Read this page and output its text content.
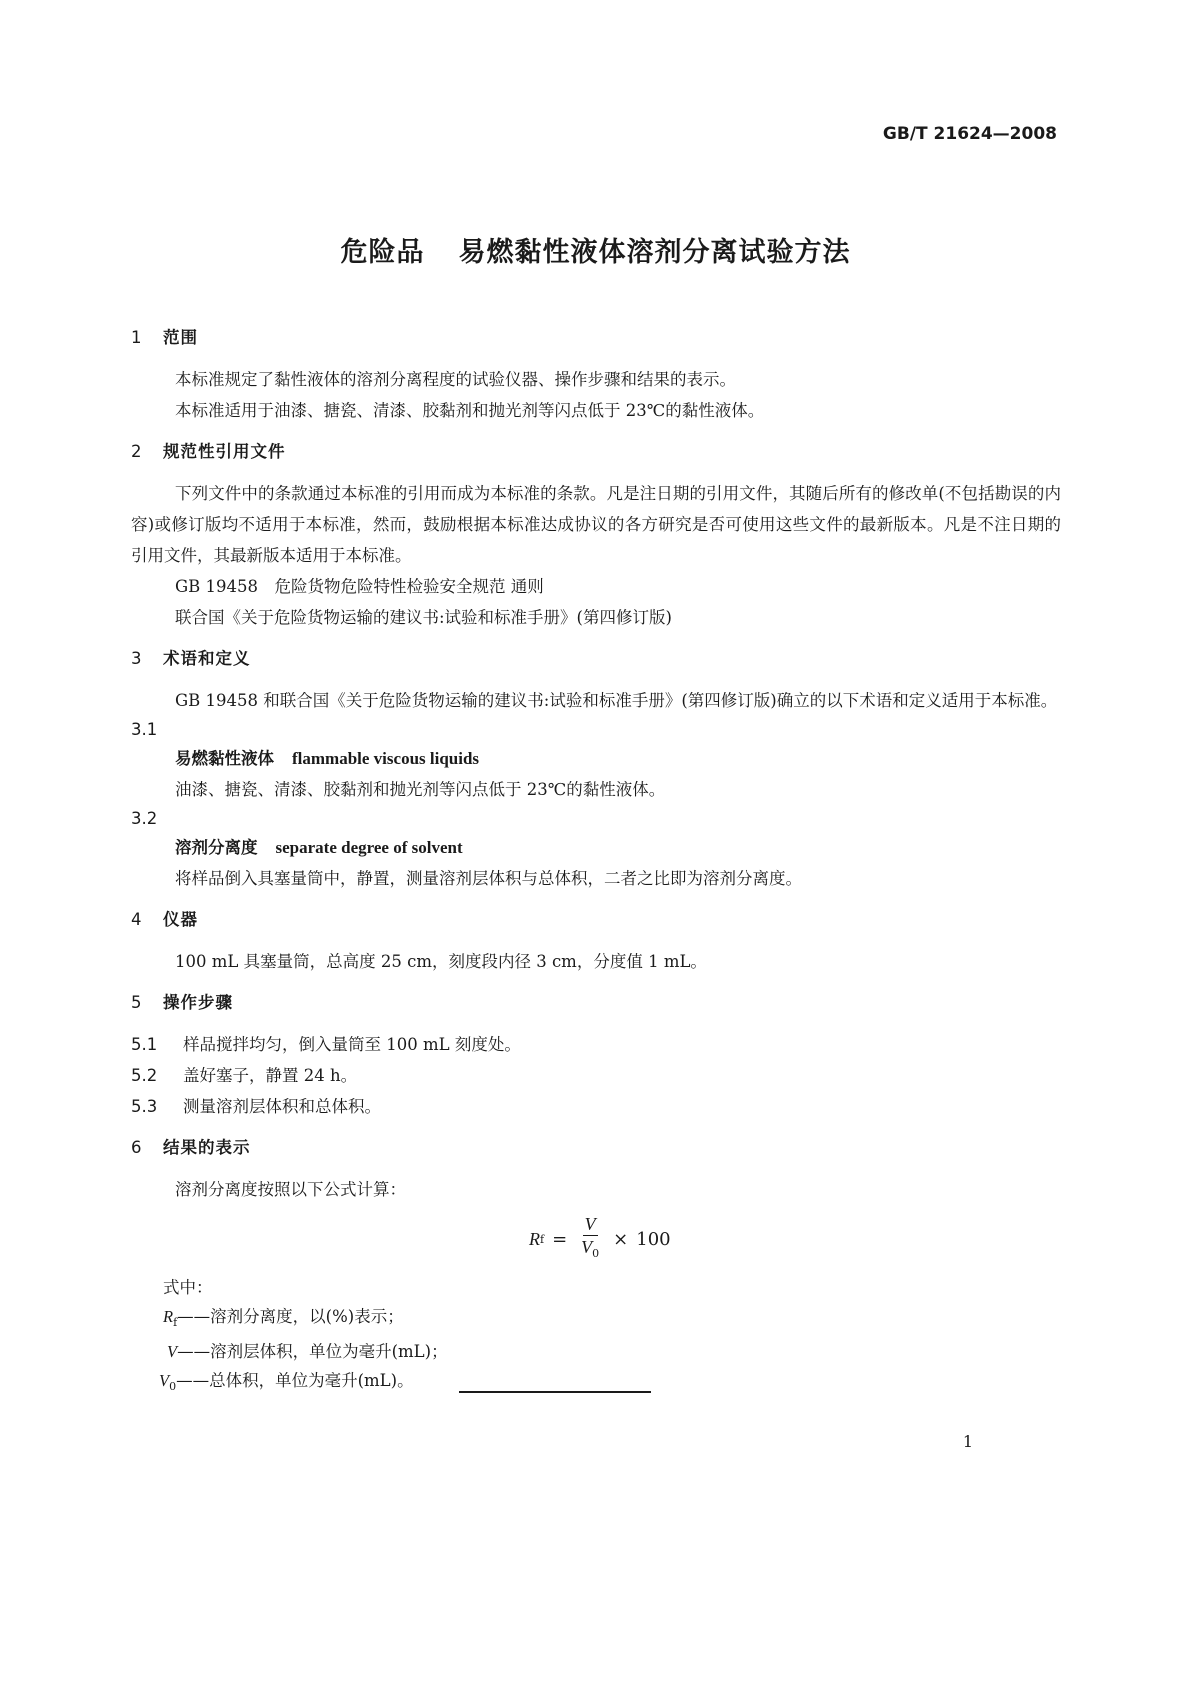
GB/T 21624—2008
危险品 易燃黏性液体溶剂分离试验方法
1 范围
本标准规定了黏性液体的溶剂分离程度的试验仪器、操作步骤和结果的表示。
本标准适用于油漆、搪瓷、清漆、胶黏剂和抛光剂等闪点低于 23℃的黏性液体。
2 规范性引用文件
下列文件中的条款通过本标准的引用而成为本标准的条款。凡是注日期的引用文件，其随后所有的修改单(不包括勘误的内容)或修订版均不适用于本标准，然而，鼓励根据本标准达成协议的各方研究是否可使用这些文件的最新版本。凡是不注日期的引用文件，其最新版本适用于本标准。
GB 19458　危险货物危险特性检验安全规范 通则
联合国《关于危险货物运输的建议书:试验和标准手册》(第四修订版)
3 术语和定义
GB 19458 和联合国《关于危险货物运输的建议书:试验和标准手册》(第四修订版)确立的以下术语和定义适用于本标准。
3.1
易燃黏性液体 flammable viscous liquids
油漆、搪瓷、清漆、胶黏剂和抛光剂等闪点低于 23℃的黏性液体。
3.2
溶剂分离度 separate degree of solvent
将样品倒入具塞量筒中，静置，测量溶剂层体积与总体积，二者之比即为溶剂分离度。
4 仪器
100 mL 具塞量筒，总高度 25 cm，刻度段内径 3 cm，分度值 1 mL。
5 操作步骤
5.1 样品搅拌均匀，倒入量筒至 100 mL 刻度处。
5.2 盖好塞子，静置 24 h。
5.3 测量溶剂层体积和总体积。
6 结果的表示
溶剂分离度按照以下公式计算：
R $f = \frac{V}{V_0} \times 100$
式中：
$R_f——$溶剂分离度，以(%)表示；
V——溶剂层体积，单位为毫升(mL)；
$V_0——$总体积，单位为毫升(mL)。
1
